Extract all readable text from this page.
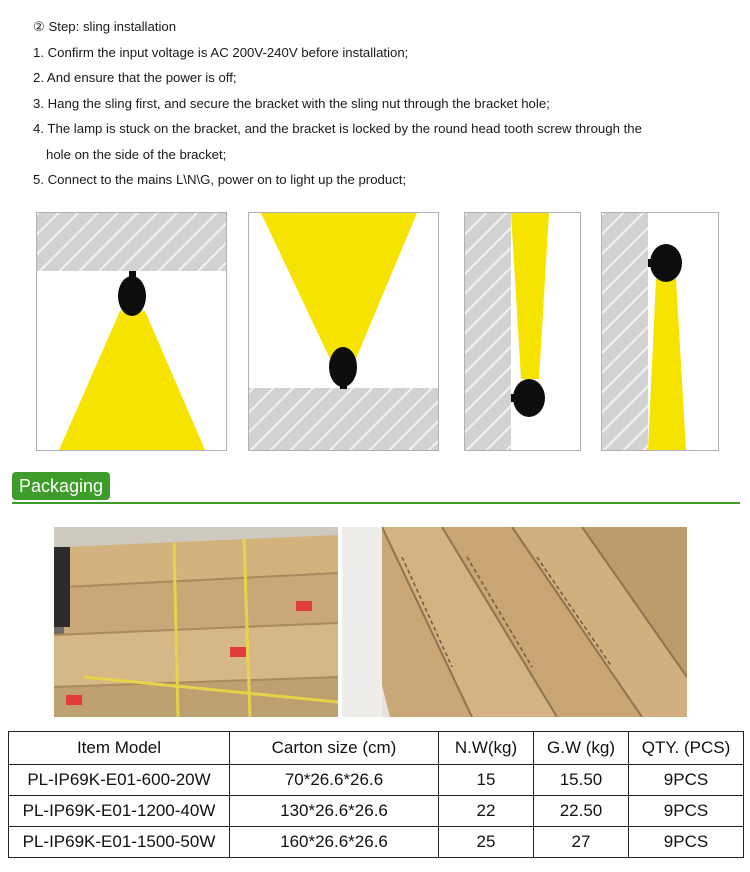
② Step: sling installation
1. Confirm the input voltage is AC 200V-240V before installation;
2. And ensure that the power is off;
3. Hang the sling first, and secure the bracket with the sling nut through the bracket hole;
4. The lamp is stuck on the bracket, and the bracket is locked by the round head tooth screw through the
hole on the side of the bracket;
5. Connect to the mains L\N\G, power on to light up the product;
Packaging
Item Model	Carton size (cm)	N.W(kg)	G.W (kg)	QTY. (PCS)
PL-IP69K-E01-600-20W	70*26.6*26.6	15	15.50	9PCS
PL-IP69K-E01-1200-40W	130*26.6*26.6	22	22.50	9PCS
PL-IP69K-E01-1500-50W	160*26.6*26.6	25	27	9PCS
